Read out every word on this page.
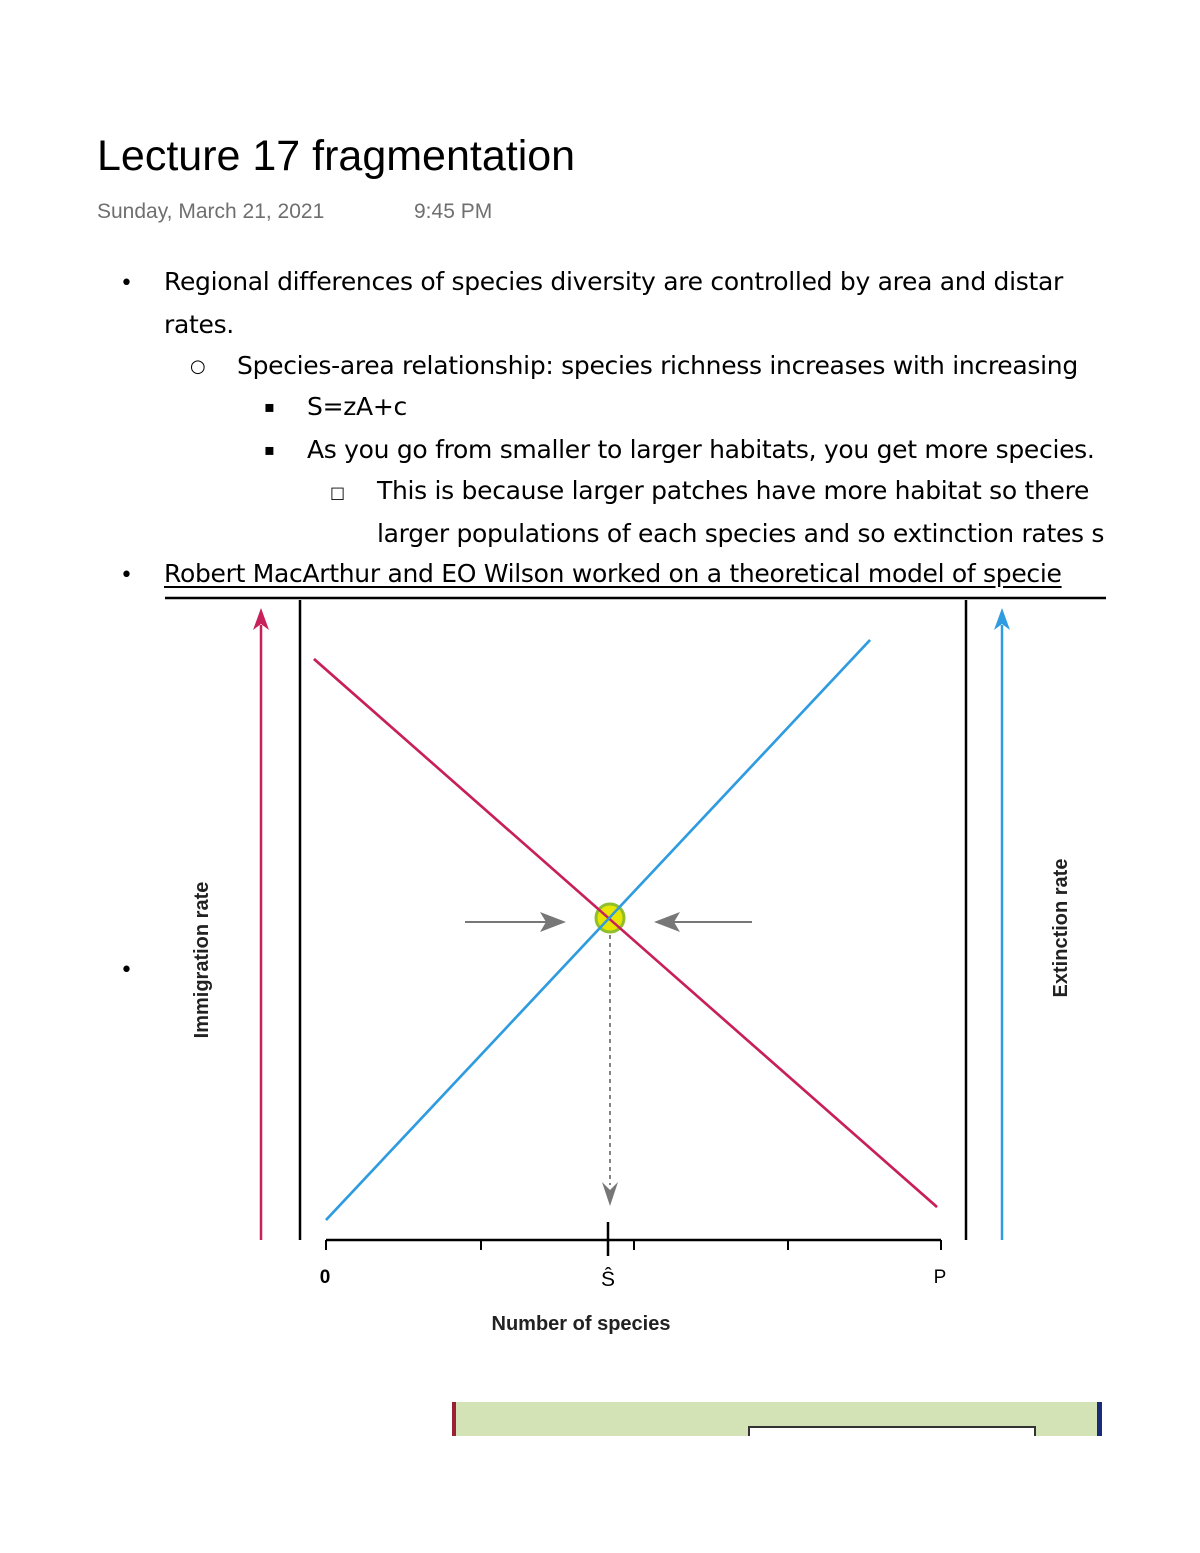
Lecture 17 fragmentation
Sunday, March 21, 2021	9:45 PM
• Regional differences of species diversity are controlled by area and distar
rates.
○ Species-area relationship: species richness increases with increasing
▪ S=zA+c
▪ As you go from smaller to larger habitats, you get more species.
□ This is because larger patches have more habitat so there
larger populations of each species and so extinction rates s
• Robert MacArthur and EO Wilson worked on a theoretical model of specie
•
0	Ŝ	P
Number of species
Immigration rate	Extinction rate
